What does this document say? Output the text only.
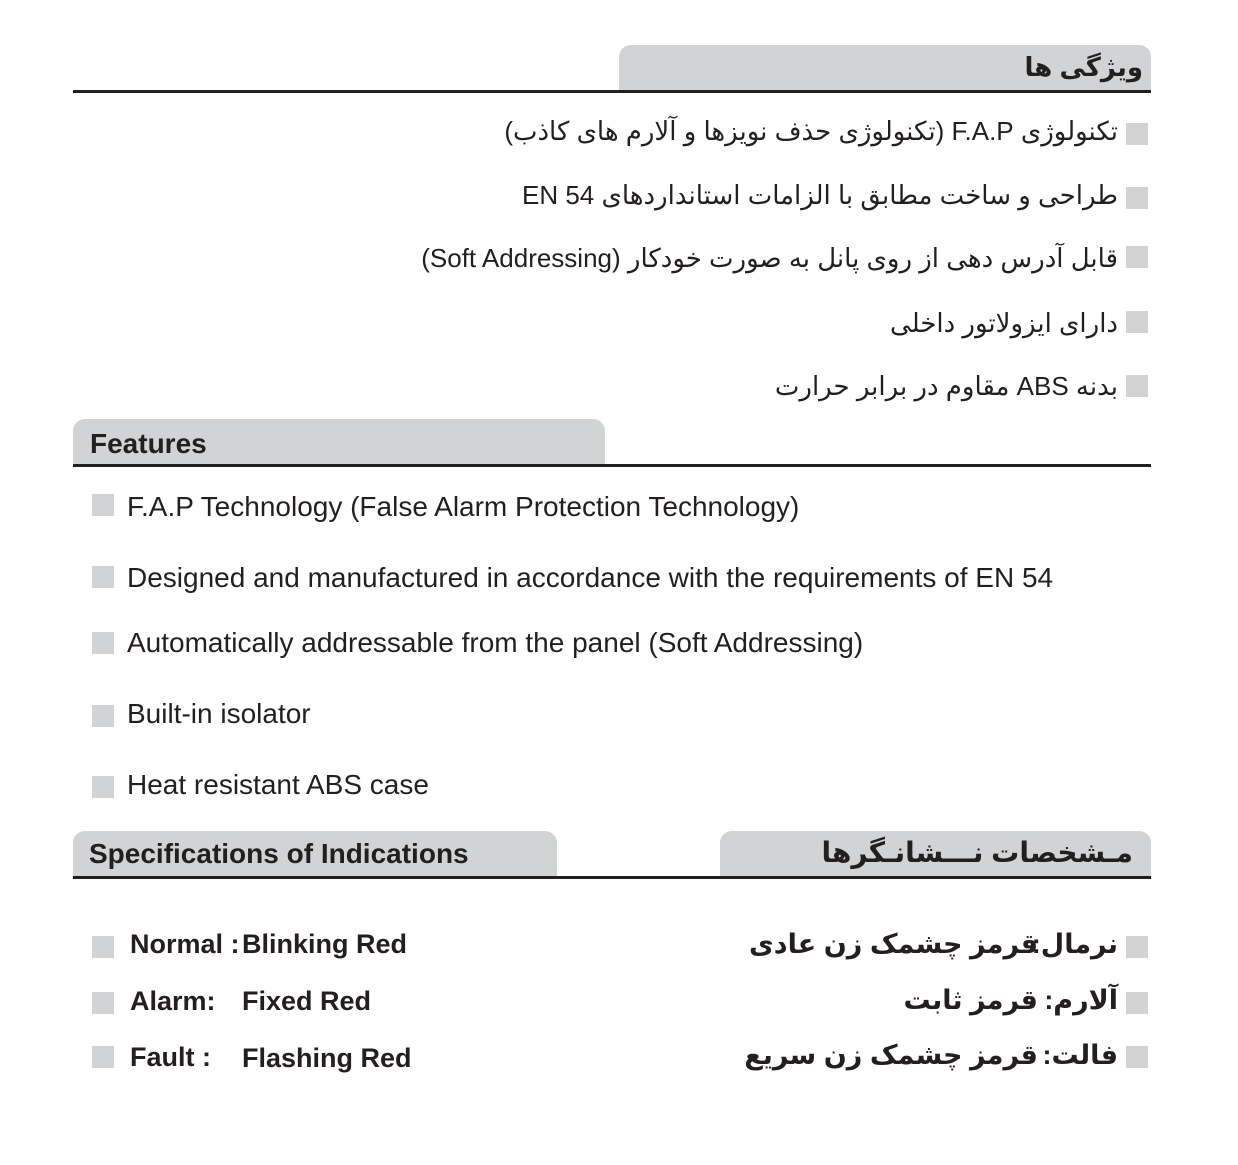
ویژگی ها
تکنولوژی F.A.P (تکنولوژی حذف نویزها و آلارم های کاذب)
طراحی و ساخت مطابق با الزامات استانداردهای EN 54
قابل آدرس دهی از روی پانل به صورت خودکار (Soft Addressing)
دارای ایزولاتور داخلی
بدنه ABS مقاوم در برابر حرارت
Features
F.A.P Technology (False Alarm Protection Technology)
Designed and manufactured in accordance with the requirements of EN 54
Automatically addressable from the panel (Soft Addressing)
Built-in isolator
Heat resistant ABS case
Specifications of Indications	مـشخصات نـــشانـگرها
Normal : Blinking Red
Alarm: Fixed Red
Fault : Flashing Red
نرمال:
قرمز چشمک زن عادی
آلارم:
قرمز ثابت
فالت:
قرمز چشمک زن سریع
